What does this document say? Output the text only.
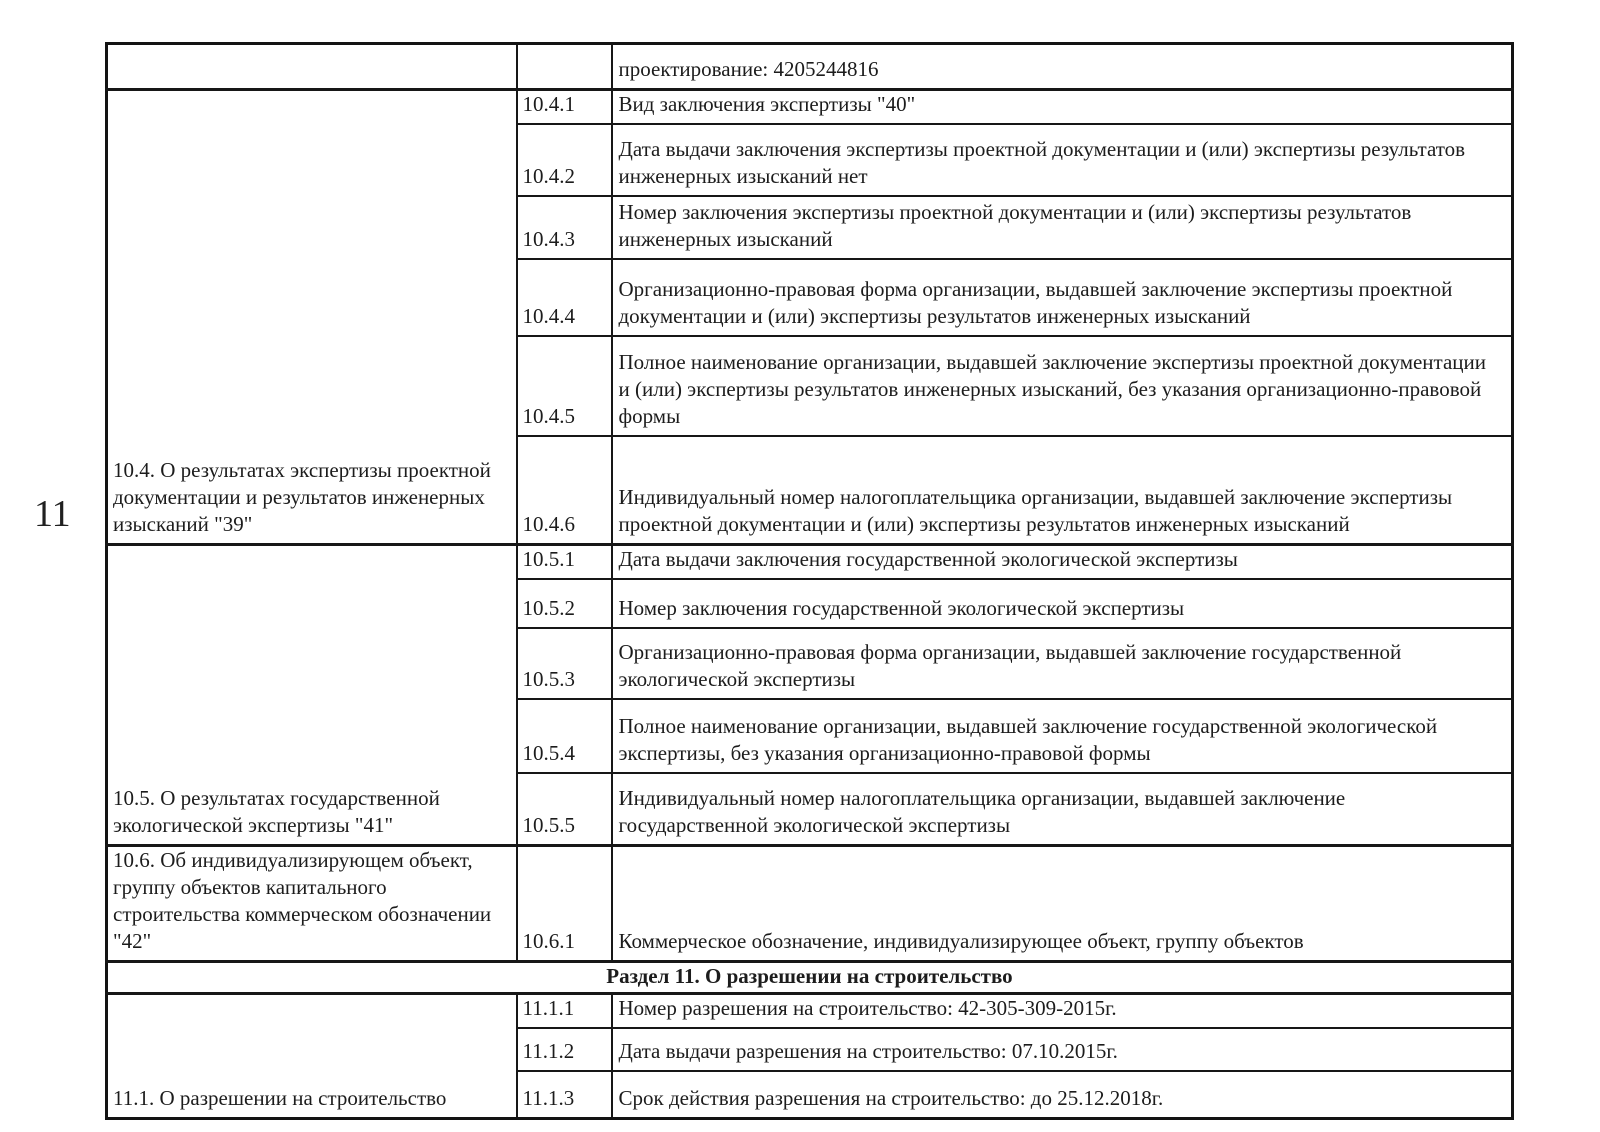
11
		проектирование: 4205244816
10.4. О результатах экспертизы проектной документации и результатов инженерных изысканий "39"	10.4.1	Вид заключения экспертизы "40"
	10.4.2	Дата выдачи заключения экспертизы проектной документации и (или) экспертизы результатов инженерных изысканий нет
	10.4.3	Номер заключения экспертизы проектной документации и (или) экспертизы результатов инженерных изысканий
	10.4.4	Организационно-правовая форма организации, выдавшей заключение экспертизы проектной документации и (или) экспертизы результатов инженерных изысканий
	10.4.5	Полное наименование организации, выдавшей заключение экспертизы проектной документации и (или) экспертизы результатов инженерных изысканий, без указания организационно-правовой формы
	10.4.6	Индивидуальный номер налогоплательщика организации, выдавшей заключение экспертизы проектной документации и (или) экспертизы результатов инженерных изысканий
10.5. О результатах государственной экологической экспертизы "41"	10.5.1	Дата выдачи заключения государственной экологической экспертизы
	10.5.2	Номер заключения государственной экологической экспертизы
	10.5.3	Организационно-правовая форма организации, выдавшей заключение государственной экологической экспертизы
	10.5.4	Полное наименование организации, выдавшей заключение государственной экологической экспертизы, без указания организационно-правовой формы
	10.5.5	Индивидуальный номер налогоплательщика организации, выдавшей заключение государственной экологической экспертизы
10.6. Об индивидуализирующем объект, группу объектов капитального строительства коммерческом обозначении "42"	10.6.1	Коммерческое обозначение, индивидуализирующее объект, группу объектов
Раздел 11. О разрешении на строительство		
11.1. О разрешении на строительство	11.1.1	Номер разрешения на строительство: 42-305-309-2015г.
	11.1.2	Дата выдачи разрешения на строительство: 07.10.2015г.
	11.1.3	Срок действия разрешения на строительство: до 25.12.2018г.
